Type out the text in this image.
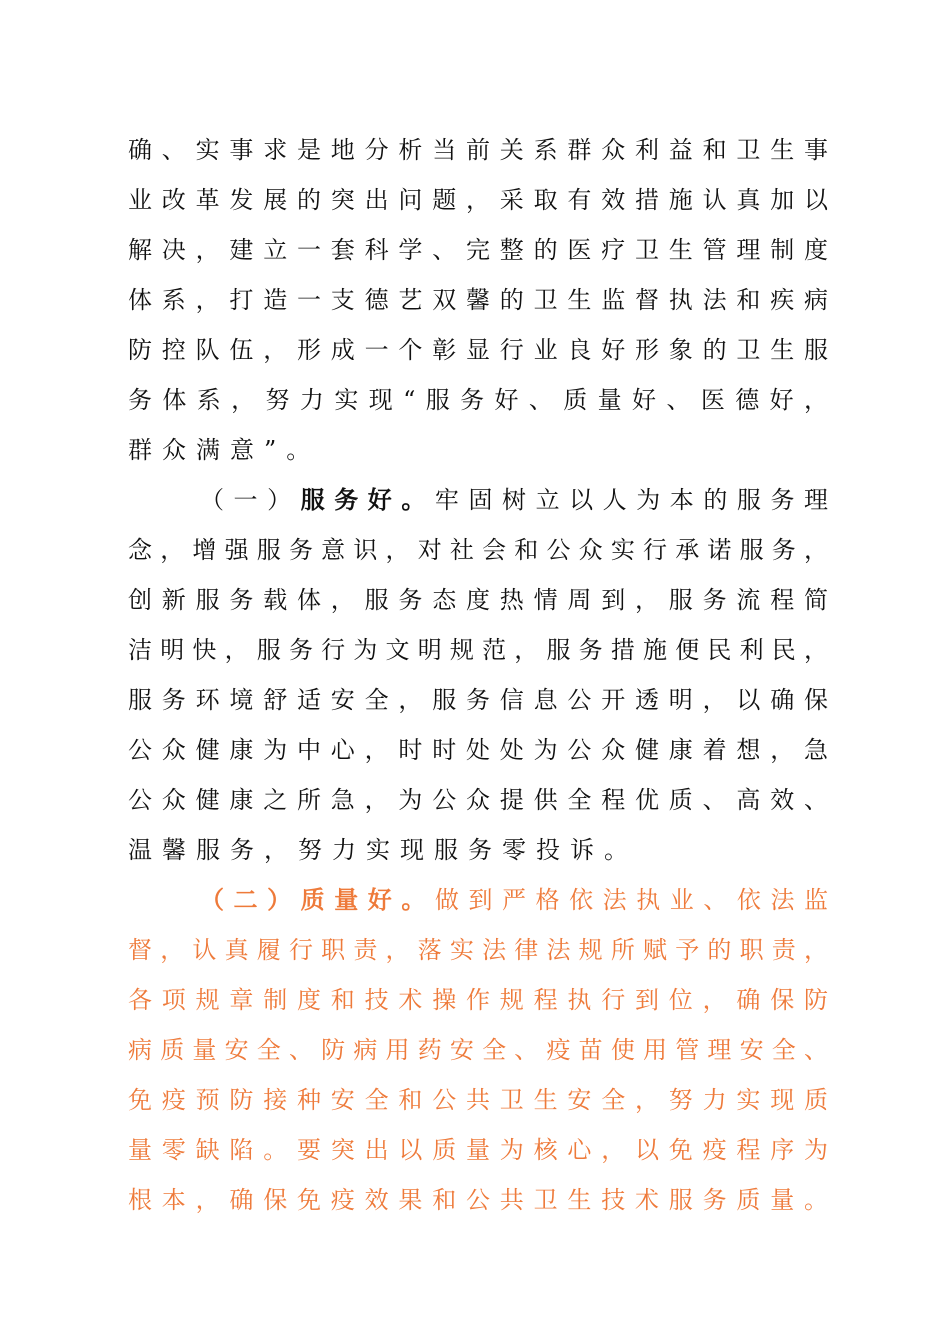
确、实事求是地分析当前关系群众利益和卫生事
业改革发展的突出问题，采取有效措施认真加以
解决，建立一套科学、完整的医疗卫生管理制度
体系，打造一支德艺双馨的卫生监督执法和疾病
防控队伍，形成一个彰显行业良好形象的卫生服
务体系，努力实现“服务好、质量好、医德好，
群众满意”。
（一）服务好。牢固树立以人为本的服务理
念，增强服务意识，对社会和公众实行承诺服务，
创新服务载体，服务态度热情周到，服务流程简
洁明快，服务行为文明规范，服务措施便民利民，
服务环境舒适安全，服务信息公开透明，以确保
公众健康为中心，时时处处为公众健康着想，急
公众健康之所急，为公众提供全程优质、高效、
温馨服务，努力实现服务零投诉。
（二）质量好。做到严格依法执业、依法监
督，认真履行职责，落实法律法规所赋予的职责，
各项规章制度和技术操作规程执行到位，确保防
病质量安全、防病用药安全、疫苗使用管理安全、
免疫预防接种安全和公共卫生安全，努力实现质
量零缺陷。要突出以质量为核心，以免疫程序为
根本，确保免疫效果和公共卫生技术服务质量。
